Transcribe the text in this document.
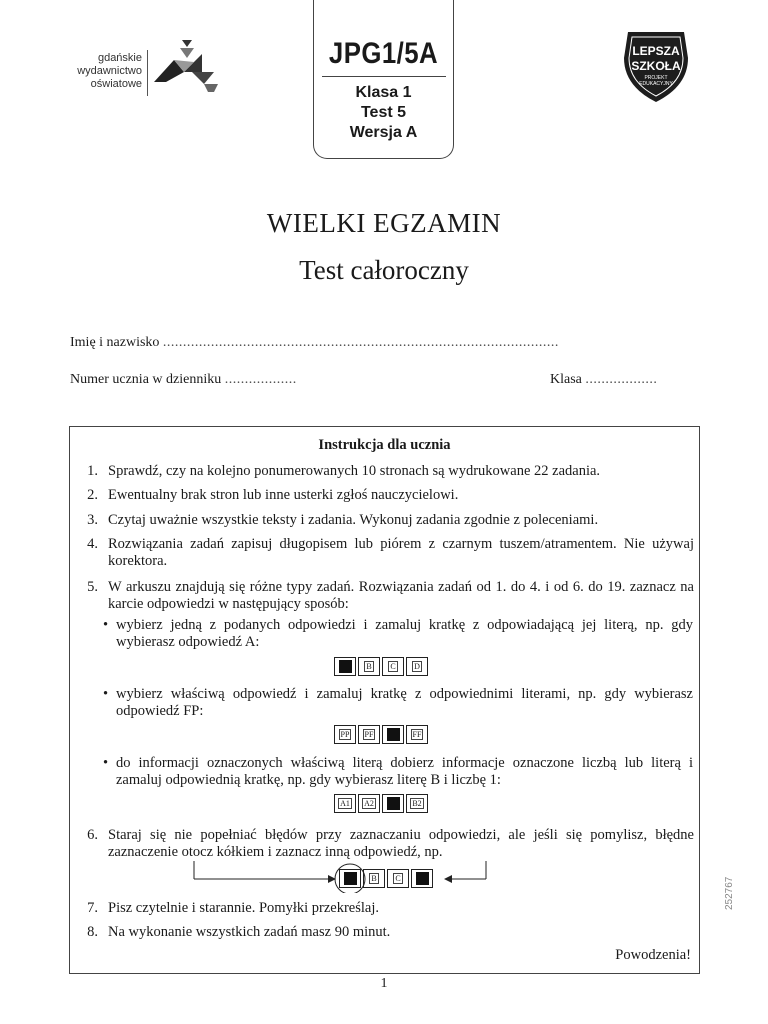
gdańskie
wydawnictwo
oświatowe
JPG1/5A
Klasa 1
Test 5
Wersja A
LEPSZA
SZKOŁA
PROJEKT
EDUKACYJNY
WIELKI EGZAMIN
Test całoroczny
Imię i nazwisko ...................................................................................................
Numer ucznia w dzienniku ..................	Klasa ..................
Instrukcja dla ucznia
1. Sprawdź, czy na kolejno ponumerowanych 10 stronach są wydrukowane 22 zadania.
2. Ewentualny brak stron lub inne usterki zgłoś nauczycielowi.
3. Czytaj uważnie wszystkie teksty i zadania. Wykonuj zadania zgodnie z poleceniami.
4. Rozwiązania zadań zapisuj długopisem lub piórem z czarnym tuszem/atramentem. Nie używaj korektora.
5. W arkuszu znajdują się różne typy zadań. Rozwiązania zadań od 1. do 4. i od 6. do 19. zaznacz na karcie odpowiedzi w następujący sposób:
• wybierz jedną z podanych odpowiedzi i zamaluj kratkę z odpowiadającą jej literą, np. gdy wybierasz odpowiedź A:
B C D
• wybierz właściwą odpowiedź i zamaluj kratkę z odpowiednimi literami, np. gdy wybierasz odpowiedź FP:
PP PF	FF
• do informacji oznaczonych właściwą literą dobierz informacje oznaczone liczbą lub literą i zamaluj odpowiednią kratkę, np. gdy wybierasz literę B i liczbę 1:
A1 A2	B2
6. Staraj się nie popełniać błędów przy zaznaczaniu odpowiedzi, ale jeśli się pomylisz, błędne zaznaczenie otocz kółkiem i zaznacz inną odpowiedź, np.
B C
7. Pisz czytelnie i starannie. Pomyłki przekreślaj.
8. Na wykonanie wszystkich zadań masz 90 minut.
Powodzenia!
1
252767
